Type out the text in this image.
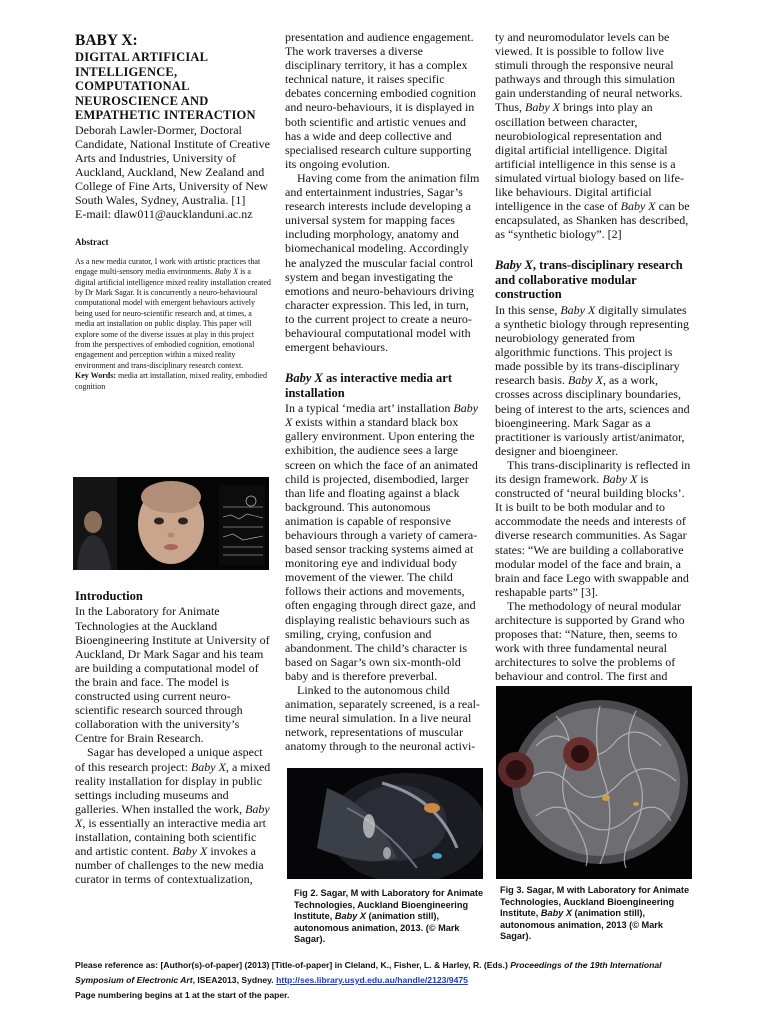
BABY X:
DIGITAL ARTIFICIAL INTELLIGENCE, COMPUTATIONAL NEUROSCIENCE AND EMPATHETIC INTERACTION

Deborah Lawler-Dormer, Doctoral Candidate, National Institute of Creative Arts and Industries, University of Auckland, Auckland, New Zealand and College of Fine Arts, University of New South Wales, Sydney, Australia. [1]

E-mail: dlaw011@aucklanduni.ac.nz

Abstract

As a new media curator, I work with artistic practices that engage multi-sensory media environments. Baby X is a digital artificial intelligence mixed reality installation created by Dr Mark Sagar. It is concurrently a neuro-behavioural computational model with emergent behaviours actively being used for neuro-scientific research and, at times, a media art installation on public display. This paper will explore some of the diverse issues at play in this project from the perspectives of embodied cognition, emotional engagement and perception within a mixed reality environment and trans-disciplinary research context.

Key Words: media art installation, mixed reality, embodied cognition

Introduction

In the Laboratory for Animate Technologies at the Auckland Bioengineering Institute at University of Auckland, Dr Mark Sagar and his team are building a computational model of the brain and face. The model is constructed using current neuro-scientific research sourced through collaboration with the university’s Centre for Brain Research.

Sagar has developed a unique aspect of this research project: Baby X, a mixed reality installation for display in public settings including museums and galleries. When installed the work, Baby X, is essentially an interactive media art installation, containing both scientific and artistic content. Baby X invokes a number of challenges to the new media curator in terms of contextualization,

presentation and audience engagement. The work traverses a diverse disciplinary territory, it has a complex technical nature, it raises specific debates concerning embodied cognition and neuro-behaviours, it is displayed in both scientific and artistic venues and has a wide and deep collective and specialised research culture supporting its ongoing evolution.

Having come from the animation film and entertainment industries, Sagar’s research interests include developing a universal system for mapping faces including morphology, anatomy and biomechanical modeling. Accordingly he analyzed the muscular facial control system and began investigating the emotions and neuro-behaviours driving character expression. This led, in turn, to the current project to create a neuro-behavioural computational model with emergent behaviours.

Baby X as interactive media art installation

In a typical ‘media art’ installation Baby X exists within a standard black box gallery environment. Upon entering the exhibition, the audience sees a large screen on which the face of an animated child is projected, disembodied, larger than life and floating against a black background. This autonomous animation is capable of responsive behaviours through a variety of camera-based sensor tracking systems aimed at monitoring eye and individual body movement of the viewer. The child follows their actions and movements, often engaging through direct gaze, and displaying realistic behaviours such as smiling, crying, confusion and abandonment. The child’s character is based on Sagar’s own six-month-old baby and is therefore preverbal.

Linked to the autonomous child animation, separately screened, is a real-time neural simulation. In a live neural network, representations of muscular anatomy through to the neuronal activi-

ty and neuromodulator levels can be viewed. It is possible to follow live stimuli through the responsive neural pathways and through this simulation gain understanding of neural networks. Thus, Baby X brings into play an oscillation between character, neurobiological representation and digital artificial intelligence. Digital artificial intelligence in this sense is a simulated virtual biology based on life-like behaviours. Digital artificial intelligence in the case of Baby X can be encapsulated, as Shanken has described, as “synthetic biology”. [2]

Baby X, trans-disciplinary research and collaborative modular construction

In this sense, Baby X digitally simulates a synthetic biology through representing neurobiology generated from algorithmic functions. This project is made possible by its trans-disciplinary research basis. Baby X, as a work, crosses across disciplinary boundaries, being of interest to the arts, sciences and bioengineering. Mark Sagar as a practitioner is variously artist/animator, designer and bioengineer.

This trans-disciplinarity is reflected in its design framework. Baby X is constructed of ‘neural building blocks’. It is built to be both modular and to accommodate the needs and interests of diverse research communities. As Sagar states: “We are building a collaborative modular model of the face and brain, a brain and face Lego with swappable and reshapable parts” [3].

The methodology of neural modular architecture is supported by Grand who proposes that: “Nature, then, seems to work with three fundamental neural architectures to solve the problems of behaviour and control. The first and

Fig 2. Sagar, M with Laboratory for Animate Technologies, Auckland Bioengineering Institute, Baby X (animation still), autonomous animation, 2013. (© Mark Sagar).

Fig 3. Sagar, M with Laboratory for Animate Technologies, Auckland Bioengineering Institute, Baby X (animation still), autonomous animation, 2013 (© Mark Sagar).

Please reference as: [Author(s)-of-paper] (2013) [Title-of-paper] in Cleland, K., Fisher, L. & Harley, R. (Eds.) Proceedings of the 19th International Symposium of Electronic Art, ISEA2013, Sydney. http://ses.library.usyd.edu.au/handle/2123/9475
Page numbering begins at 1 at the start of the paper.
